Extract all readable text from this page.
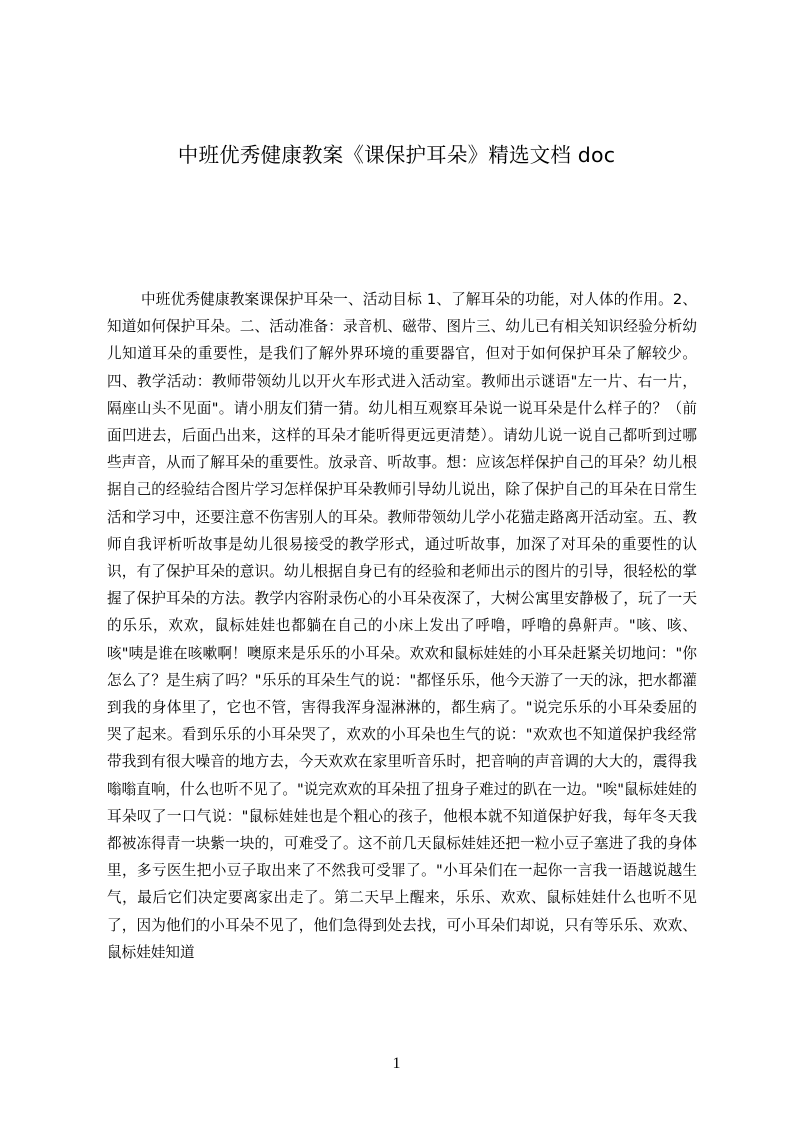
中班优秀健康教案《课保护耳朵》精选文档 doc

中班优秀健康教案课保护耳朵一、活动目标 1、了解耳朵的功能，对人体的作用。2、知道如何保护耳朵。二、活动准备：录音机、磁带、图片三、幼儿已有相关知识经验分析幼儿知道耳朵的重要性，是我们了解外界环境的重要器官，但对于如何保护耳朵了解较少。四、教学活动：教师带领幼儿以开火车形式进入活动室。教师出示谜语"左一片、右一片，隔座山头不见面"。请小朋友们猜一猜。幼儿相互观察耳朵说一说耳朵是什么样子的？（前面凹进去，后面凸出来，这样的耳朵才能听得更远更清楚）。请幼儿说一说自己都听到过哪些声音，从而了解耳朵的重要性。放录音、听故事。想：应该怎样保护自己的耳朵？幼儿根据自己的经验结合图片学习怎样保护耳朵教师引导幼儿说出，除了保护自己的耳朵在日常生活和学习中，还要注意不伤害别人的耳朵。教师带领幼儿学小花猫走路离开活动室。五、教师自我评析听故事是幼儿很易接受的教学形式，通过听故事，加深了对耳朵的重要性的认识，有了保护耳朵的意识。幼儿根据自身已有的经验和老师出示的图片的引导，很轻松的掌握了保护耳朵的方法。教学内容附录伤心的小耳朵夜深了，大树公寓里安静极了，玩了一天的乐乐，欢欢，鼠标娃娃也都躺在自己的小床上发出了呼噜，呼噜的鼻鼾声。"咳、咳、咳"咦是谁在咳嗽啊！噢原来是乐乐的小耳朵。欢欢和鼠标娃娃的小耳朵赶紧关切地问："你怎么了？是生病了吗？"乐乐的耳朵生气的说："都怪乐乐，他今天游了一天的泳，把水都灌到我的身体里了，它也不管，害得我浑身湿淋淋的，都生病了。"说完乐乐的小耳朵委屈的哭了起来。看到乐乐的小耳朵哭了，欢欢的小耳朵也生气的说："欢欢也不知道保护我经常带我到有很大噪音的地方去，今天欢欢在家里听音乐时，把音响的声音调的大大的，震得我嗡嗡直响，什么也听不见了。"说完欢欢的耳朵扭了扭身子难过的趴在一边。"唉"鼠标娃娃的耳朵叹了一口气说："鼠标娃娃也是个粗心的孩子，他根本就不知道保护好我，每年冬天我都被冻得青一块紫一块的，可难受了。这不前几天鼠标娃娃还把一粒小豆子塞进了我的身体里，多亏医生把小豆子取出来了不然我可受罪了。"小耳朵们在一起你一言我一语越说越生气，最后它们决定要离家出走了。第二天早上醒来，乐乐、欢欢、鼠标娃娃什么也听不见了，因为他们的小耳朵不见了，他们急得到处去找，可小耳朵们却说，只有等乐乐、欢欢、鼠标娃娃知道

1
